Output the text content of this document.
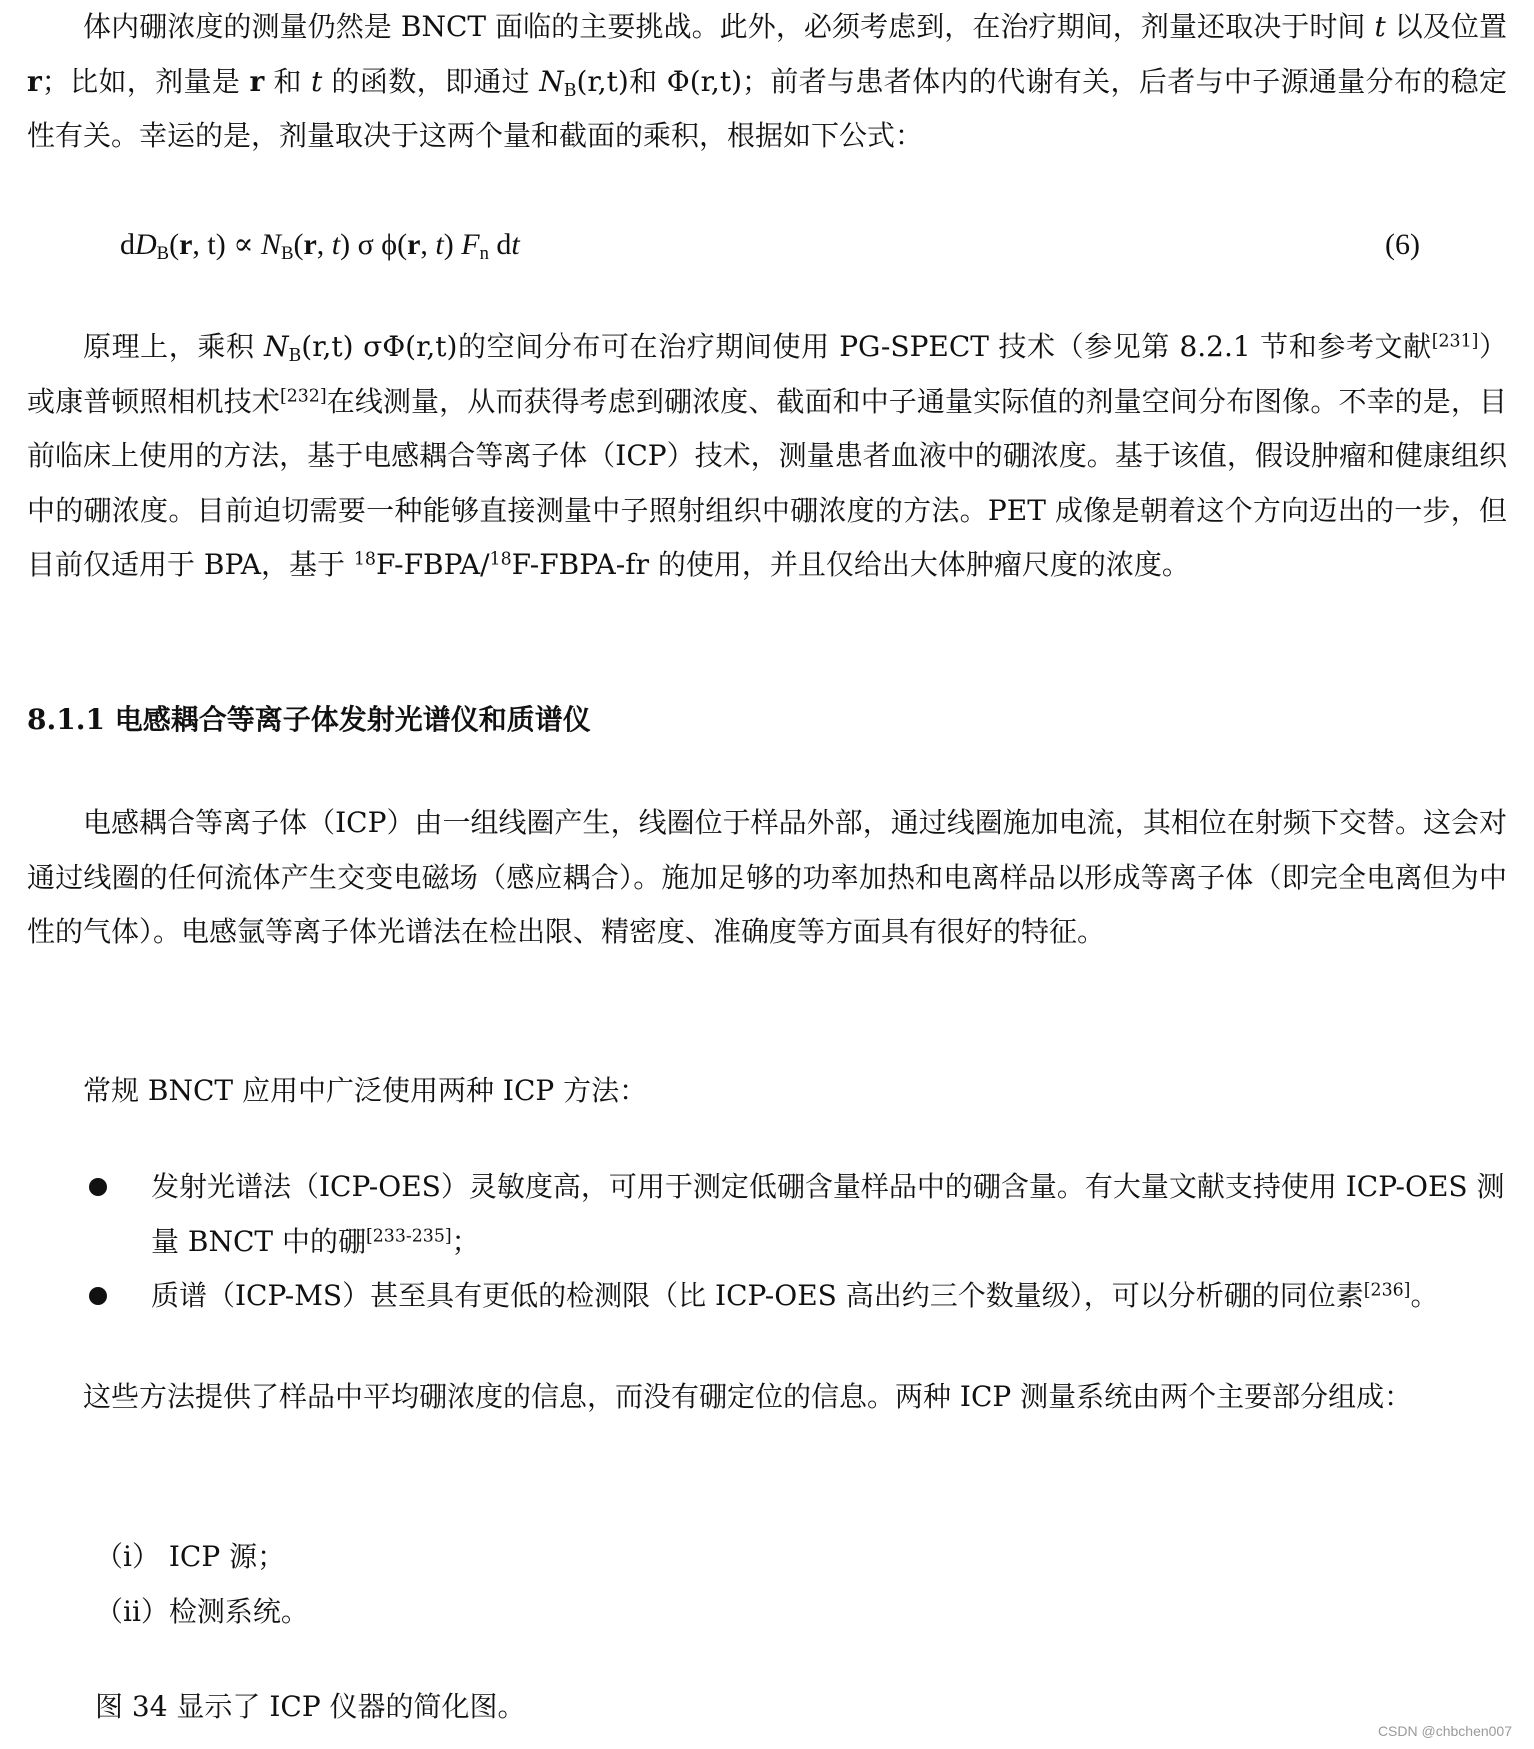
体内硼浓度的测量仍然是 BNCT 面临的主要挑战。此外，必须考虑到，在治疗期间，剂量还取决于时间 t 以及位置 r；比如，剂量是 r 和 t 的函数，即通过 $N_B(r,t)$和 Φ(r,t)；前者与患者体内的代谢有关，后者与中子源通量分布的稳定性有关。幸运的是，剂量取决于这两个量和截面的乘积，根据如下公式：

$dD_B(r$, $t) \propto N_B(r$, t) σ ϕ(r, t) $F_n$ dt	(6)

原理上，乘积 $N_B(r,t)$ σΦ(r,t)的空间分布可在治疗期间使用 PG-SPECT 技术（参见第 8.2.1 节和参考文献[231]）或康普顿照相机技术[232]在线测量，从而获得考虑到硼浓度、截面和中子通量实际值的剂量空间分布图像。不幸的是，目前临床上使用的方法，基于电感耦合等离子体（ICP）技术，测量患者血液中的硼浓度。基于该值，假设肿瘤和健康组织中的硼浓度。目前迫切需要一种能够直接测量中子照射组织中硼浓度的方法。PET 成像是朝着这个方向迈出的一步，但目前仅适用于 BPA，基于 $^{18}$F-FBPA/$^{18}$F-FBPA-fr 的使用，并且仅给出大体肿瘤尺度的浓度。

8.1.1 电感耦合等离子体发射光谱仪和质谱仪

电感耦合等离子体（ICP）由一组线圈产生，线圈位于样品外部，通过线圈施加电流，其相位在射频下交替。这会对通过线圈的任何流体产生交变电磁场（感应耦合）。施加足够的功率加热和电离样品以形成等离子体（即完全电离但为中性的气体）。电感氩等离子体光谱法在检出限、精密度、准确度等方面具有很好的特征。

常规 BNCT 应用中广泛使用两种 ICP 方法：

发射光谱法（ICP-OES）灵敏度高，可用于测定低硼含量样品中的硼含量。有大量文献支持使用 ICP-OES 测量 BNCT 中的硼[233-235]；

质谱（ICP-MS）甚至具有更低的检测限（比 ICP-OES 高出约三个数量级），可以分析硼的同位素[236]。

这些方法提供了样品中平均硼浓度的信息，而没有硼定位的信息。两种 ICP 测量系统由两个主要部分组成：

（i） ICP 源；
（ii）检测系统。

图 34 显示了 ICP 仪器的简化图。

CSDN @chbchen007
